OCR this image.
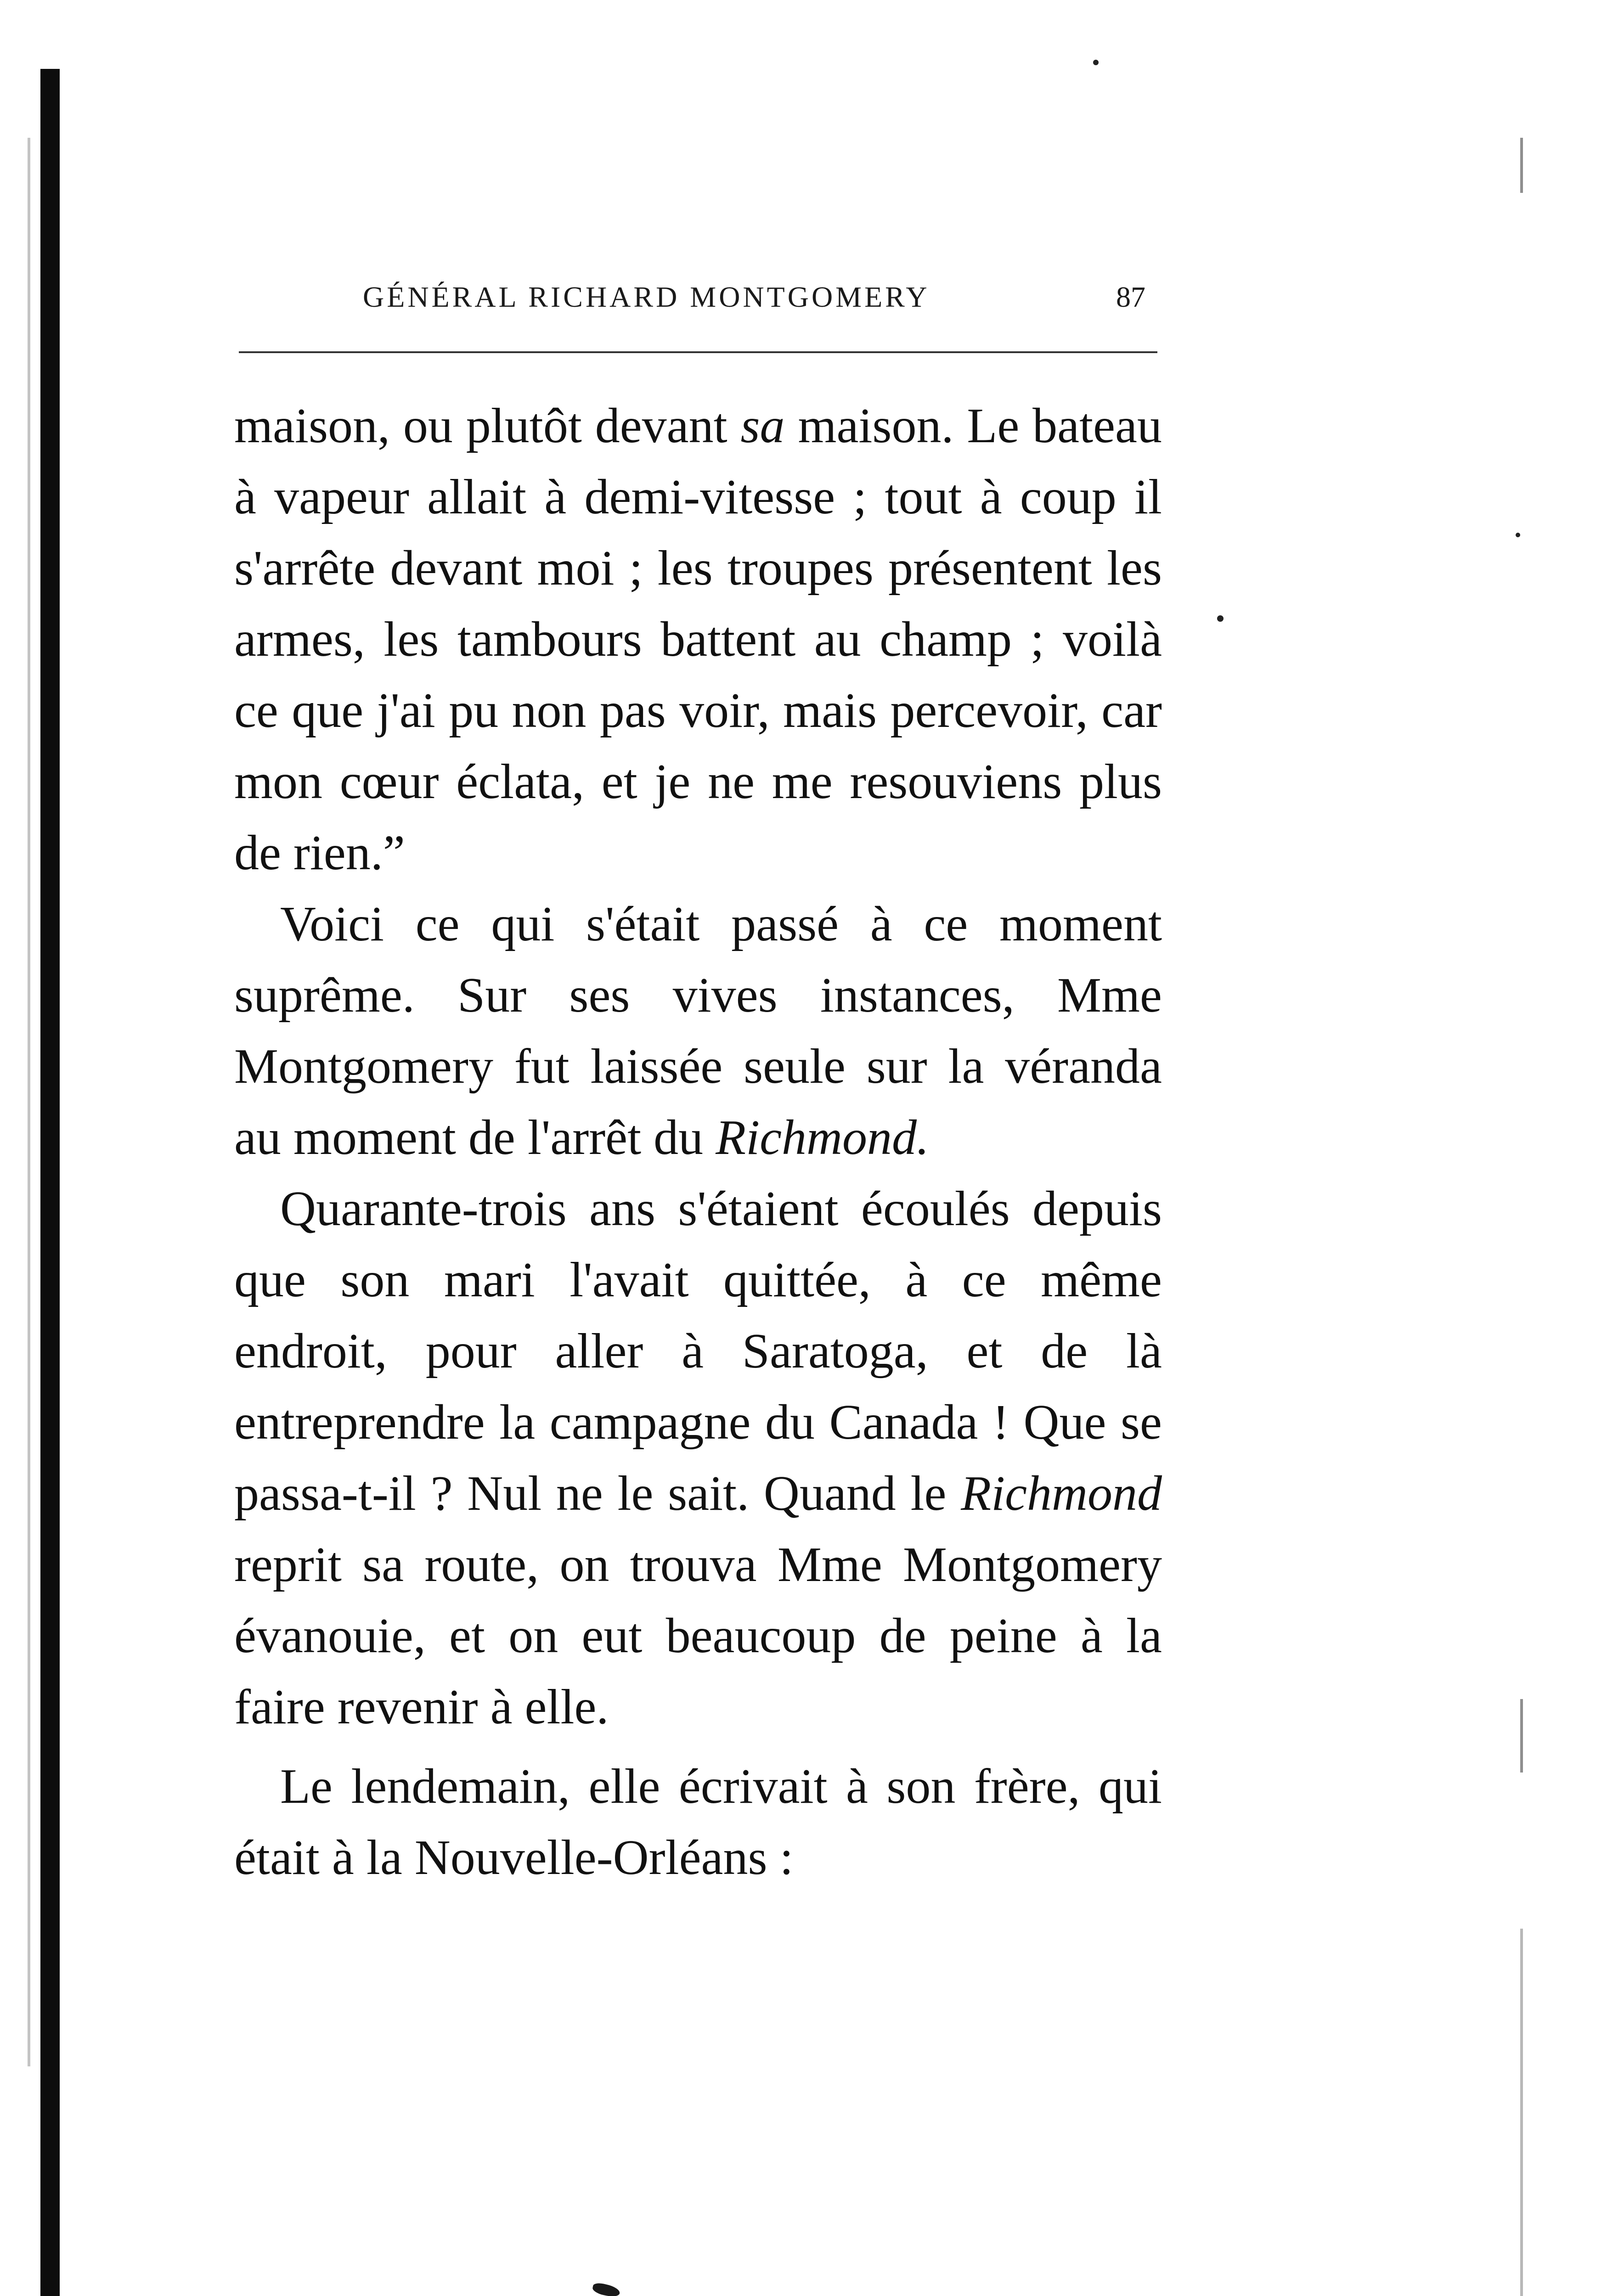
GÉNÉRAL RICHARD MONTGOMERY	87

maison, ou plutôt devant sa maison. Le bateau à vapeur allait à demi-vitesse ; tout à coup il s'arrête devant moi ; les troupes présentent les armes, les tambours battent au champ ; voilà ce que j'ai pu non pas voir, mais percevoir, car mon cœur éclata, et je ne me resouviens plus de rien.”

Voici ce qui s'était passé à ce moment suprême. Sur ses vives instances, Mme Montgomery fut laissée seule sur la véranda au moment de l'arrêt du Richmond.

Quarante-trois ans s'étaient écoulés depuis que son mari l'avait quittée, à ce même endroit, pour aller à Saratoga, et de là entreprendre la campagne du Canada ! Que se passa-t-il ? Nul ne le sait. Quand le Richmond reprit sa route, on trouva Mme Montgomery évanouie, et on eut beaucoup de peine à la faire revenir à elle.

Le lendemain, elle écrivait à son frère, qui était à la Nouvelle-Orléans :
